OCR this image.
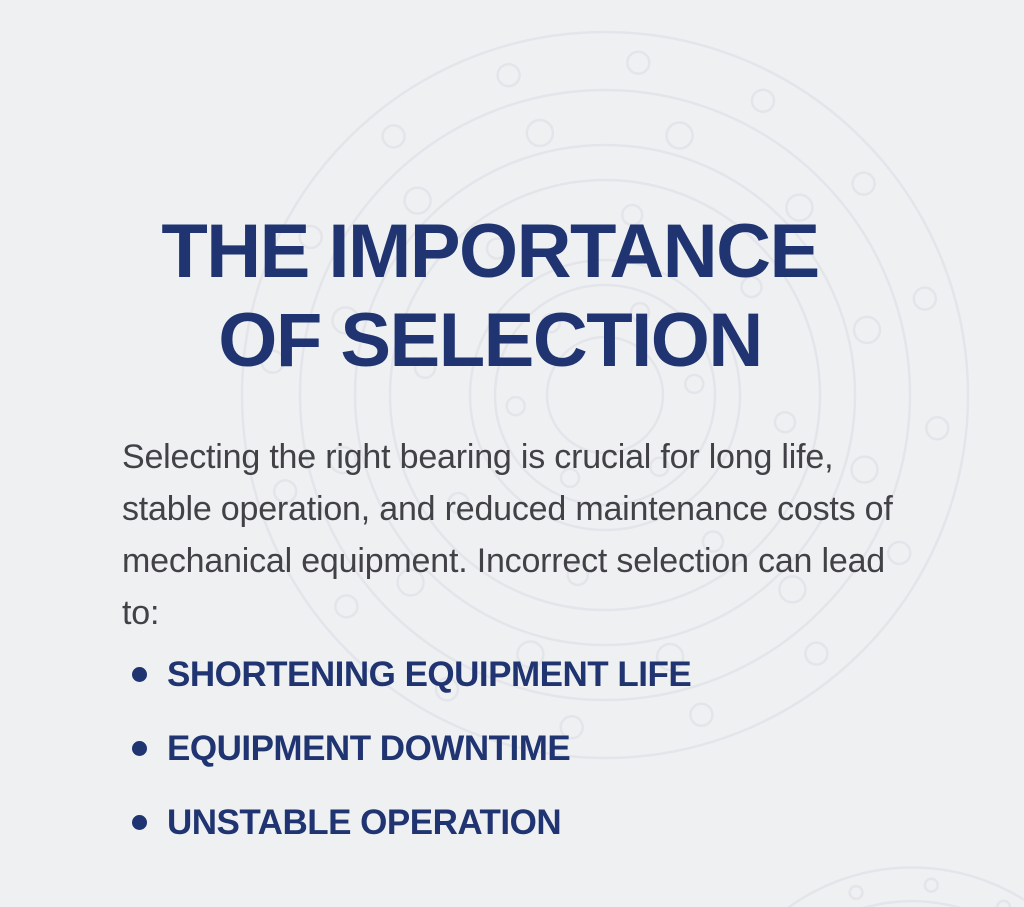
THE IMPORTANCE
OF SELECTION

Selecting the right bearing is crucial for long life, stable operation, and reduced maintenance costs of mechanical equipment. Incorrect selection can lead to:

SHORTENING EQUIPMENT LIFE
EQUIPMENT DOWNTIME
UNSTABLE OPERATION
